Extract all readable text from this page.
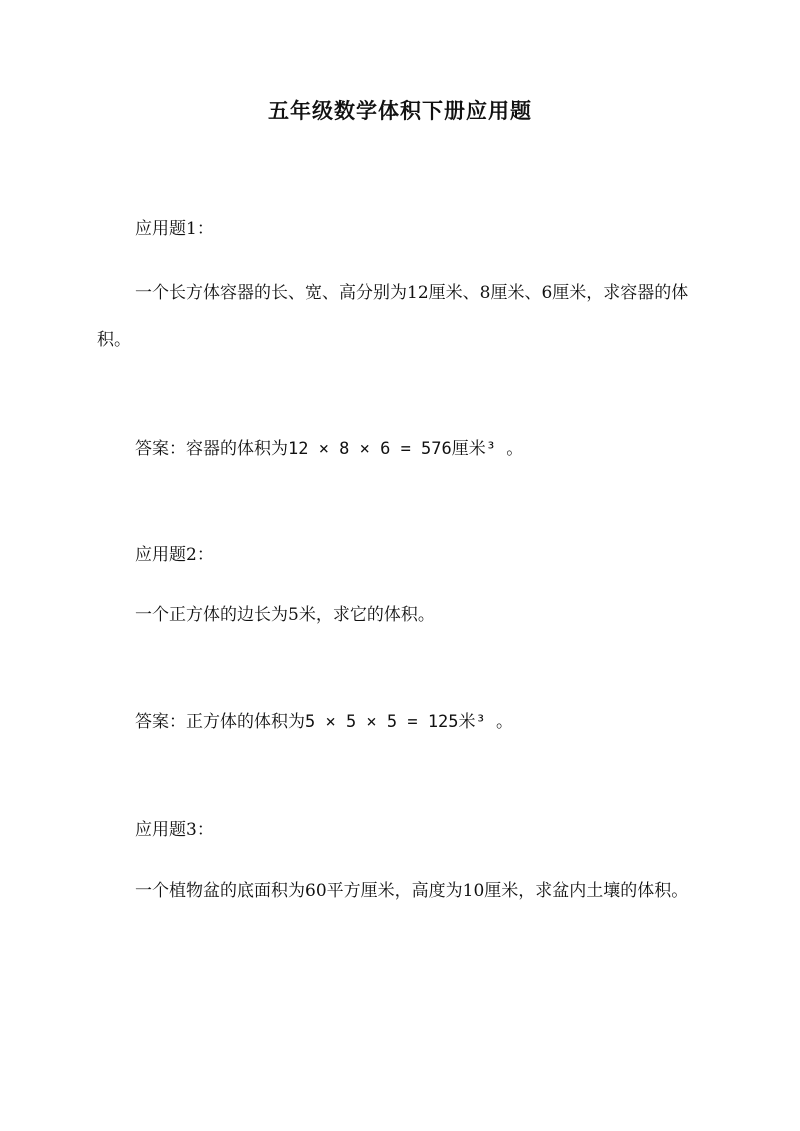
五年级数学体积下册应用题
应用题1：
一个长方体容器的长、宽、高分别为12厘米、8厘米、6厘米，求容器的体积。
答案：容器的体积为12 × 8 × 6 = 576厘米³ 。
应用题2：
一个正方体的边长为5米，求它的体积。
答案：正方体的体积为5 × 5 × 5 = 125米³ 。
应用题3：
一个植物盆的底面积为60平方厘米，高度为10厘米，求盆内土壤的体积。
